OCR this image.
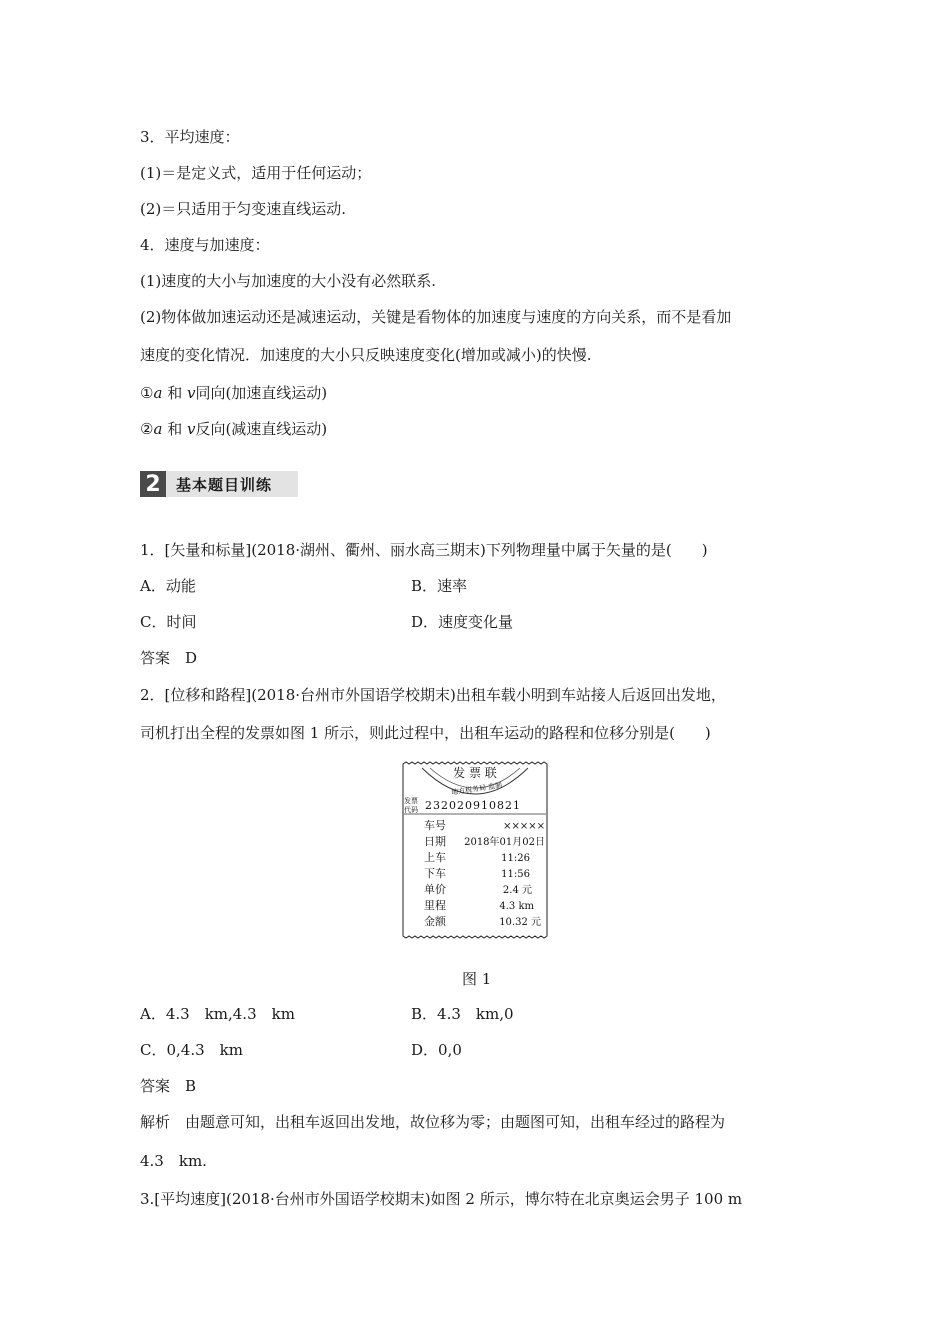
3．平均速度：
(1)＝是定义式，适用于任何运动；
(2)＝只适用于匀变速直线运动.
4．速度与加速度：
(1)速度的大小与加速度的大小没有必然联系.
(2)物体做加速运动还是减速运动，关键是看物体的加速度与速度的方向关系，而不是看加
速度的变化情况．加速度的大小只反映速度变化(增加或减小)的快慢.
①a 和 v同向(加速直线运动)
②a 和 v反向(减速直线运动)
2	基本题目训练
1．[矢量和标量](2018·湖州、衢州、丽水高三期末)下列物理量中属于矢量的是(　　)
A．动能	B．速率
C．时间	D．速度变化量
答案　D
2．[位移和路程](2018·台州市外国语学校期末)出租车载小明到车站接人后返回出发地，
司机打出全程的发票如图 1 所示，则此过程中，出租车运动的路程和位移分别是(　　)
发 票 联
地方税务局 监制
发票
代码 232020910821
车号	×××××
日期 2018年01月02日
上车	11:26
下车	11:56
单价	2.4 元
里程	4.3 km
金额	10.32 元
图 1
A．4.3　km,4.3　km	B．4.3　km,0
C．0,4.3　km	D．0,0
答案　B
解析　由题意可知，出租车返回出发地，故位移为零；由题图可知，出租车经过的路程为
4.3　km.
3.[平均速度](2018·台州市外国语学校期末)如图 2 所示，博尔特在北京奥运会男子 100 m
